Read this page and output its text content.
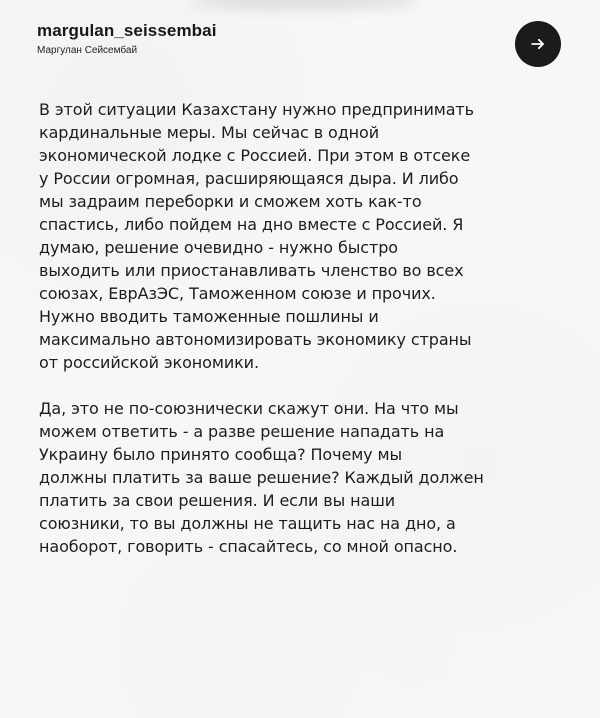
margulan_seissembai
Маргулан Сейсембай

В этой ситуации Казахстану нужно предпринимать
кардинальные меры. Мы сейчас в одной
экономической лодке с Россией. При этом в отсеке
у России огромная, расширяющаяся дыра. И либо
мы задраим переборки и сможем хоть как-то
спастись, либо пойдем на дно вместе с Россией. Я
думаю, решение очевидно - нужно быстро
выходить или приостанавливать членство во всех
союзах, ЕврАзЭС, Таможенном союзе и прочих.
Нужно вводить таможенные пошлины и
максимально автономизировать экономику страны
от российской экономики.

Да, это не по-союзнически скажут они. На что мы
можем ответить - а разве решение нападать на
Украину было принято сообща? Почему мы
должны платить за ваше решение? Каждый должен
платить за свои решения. И если вы наши
союзники, то вы должны не тащить нас на дно, а
наоборот, говорить - спасайтесь, со мной опасно.
